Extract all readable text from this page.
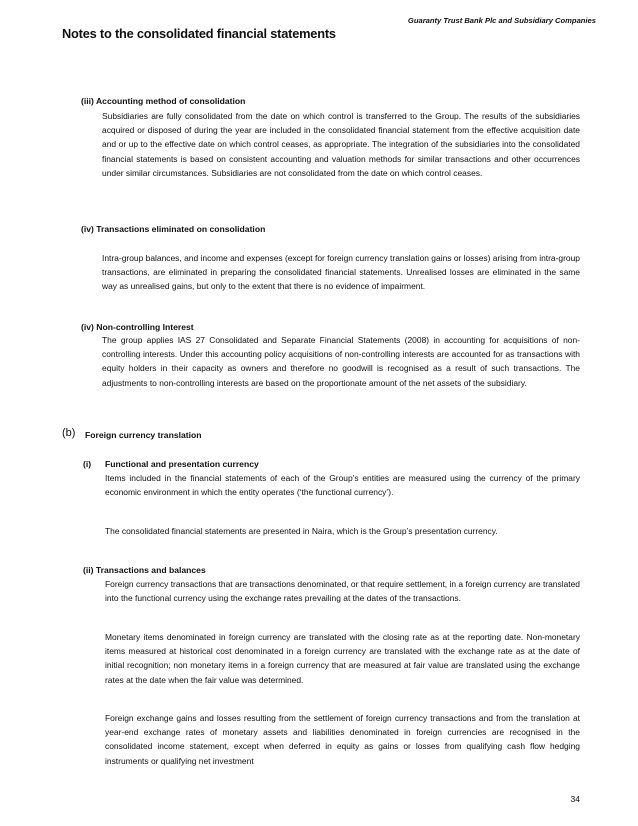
Guaranty Trust Bank Plc and Subsidiary Companies
Notes to the consolidated financial statements
(iii) Accounting method of consolidation

Subsidiaries are fully consolidated from the date on which control is transferred to the Group. The results of the subsidiaries acquired or disposed of during the year are included in the consolidated financial statement from the effective acquisition date and or up to the effective date on which control ceases, as appropriate. The integration of the subsidiaries into the consolidated financial statements is based on consistent accounting and valuation methods for similar transactions and other occurrences under similar circumstances. Subsidiaries are not consolidated from the date on which control ceases.

(iv) Transactions eliminated on consolidation

Intra-group balances, and income and expenses (except for foreign currency translation gains or losses) arising from intra-group transactions, are eliminated in preparing the consolidated financial statements. Unrealised losses are eliminated in the same way as unrealised gains, but only to the extent that there is no evidence of impairment.

(iv) Non-controlling Interest

The group applies IAS 27 Consolidated and Separate Financial Statements (2008) in accounting for acquisitions of non-controlling interests. Under this accounting policy acquisitions of non-controlling interests are accounted for as transactions with equity holders in their capacity as owners and therefore no goodwill is recognised as a result of such transactions. The adjustments to non-controlling interests are based on the proportionate amount of the net assets of the subsidiary.

(b) Foreign currency translation
(i) Functional and presentation currency

Items included in the financial statements of each of the Group’s entities are measured using the currency of the primary economic environment in which the entity operates (‘the functional currency’).

The consolidated financial statements are presented in Naira, which is the Group’s presentation currency.

(ii) Transactions and balances

Foreign currency transactions that are transactions denominated, or that require settlement, in a foreign currency are translated into the functional currency using the exchange rates prevailing at the dates of the transactions.

Monetary items denominated in foreign currency are translated with the closing rate as at the reporting date. Non-monetary items measured at historical cost denominated in a foreign currency are translated with the exchange rate as at the date of initial recognition; non monetary items in a foreign currency that are measured at fair value are translated using the exchange rates at the date when the fair value was determined.

Foreign exchange gains and losses resulting from the settlement of foreign currency transactions and from the translation at year-end exchange rates of monetary assets and liabilities denominated in foreign currencies are recognised in the consolidated income statement, except when deferred in equity as gains or losses from qualifying cash flow hedging instruments or qualifying net investment

34
